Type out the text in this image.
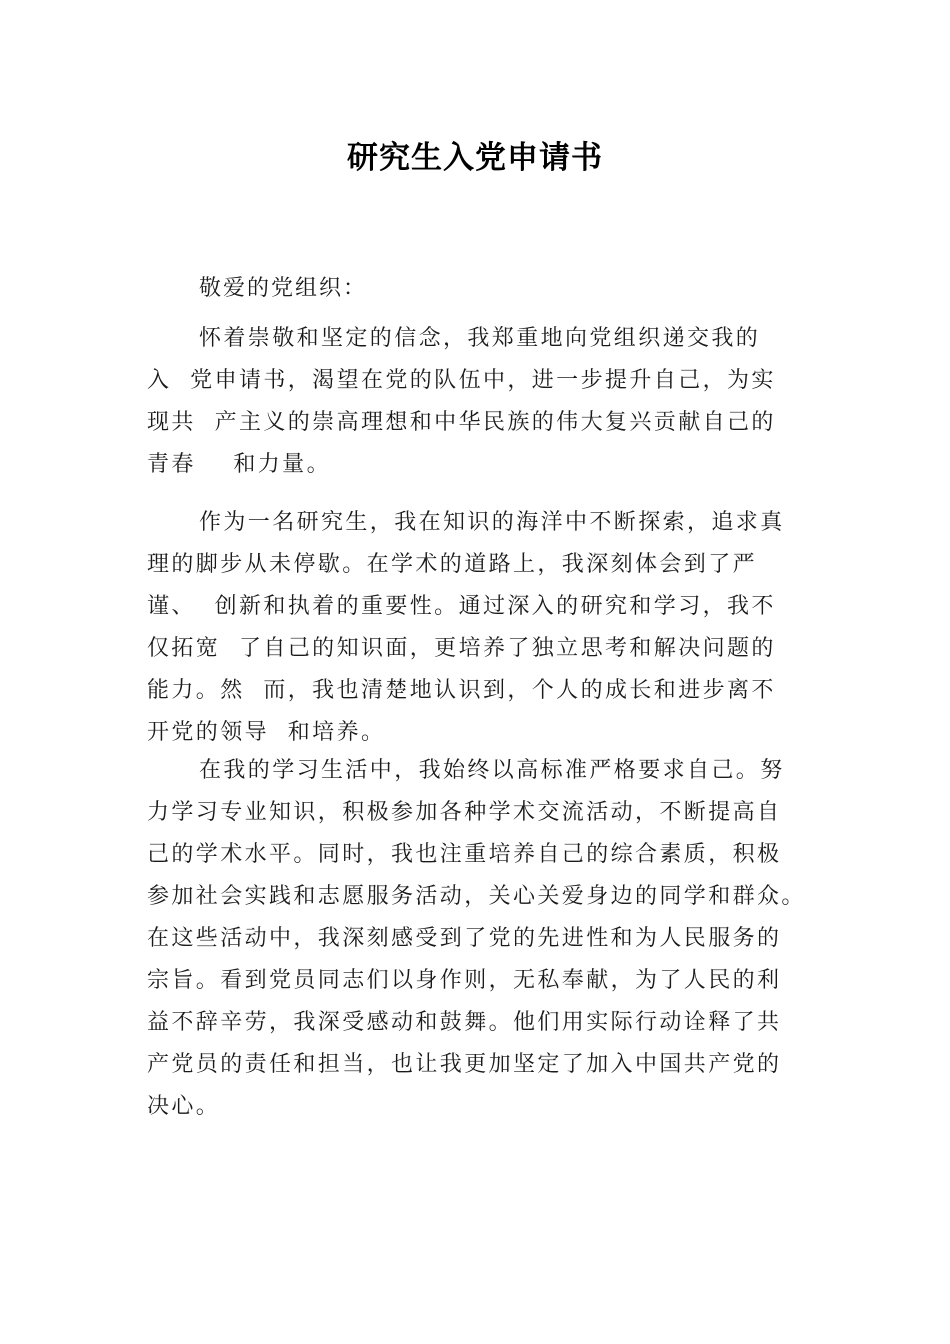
研究生入党申请书

敬爱的党组织：

怀着崇敬和坚定的信念，我郑重地向党组织递交我的
入  党申请书，渴望在党的队伍中，进一步提升自己，为实
现共  产主义的崇高理想和中华民族的伟大复兴贡献自己的
青春    和力量。
作为一名研究生，我在知识的海洋中不断探索，追求真
理的脚步从未停歇。在学术的道路上，我深刻体会到了严
谨、  创新和执着的重要性。通过深入的研究和学习，我不
仅拓宽  了自己的知识面，更培养了独立思考和解决问题的
能力。然  而，我也清楚地认识到，个人的成长和进步离不
开党的领导  和培养。
在我的学习生活中，我始终以高标准严格要求自己。努
力学习专业知识，积极参加各种学术交流活动，不断提高自
己的学术水平。同时，我也注重培养自己的综合素质，积极
参加社会实践和志愿服务活动，关心关爱身边的同学和群众。
在这些活动中，我深刻感受到了党的先进性和为人民服务的
宗旨。看到党员同志们以身作则，无私奉献，为了人民的利
益不辞辛劳，我深受感动和鼓舞。他们用实际行动诠释了共
产党员的责任和担当，也让我更加坚定了加入中国共产党的
决心。
